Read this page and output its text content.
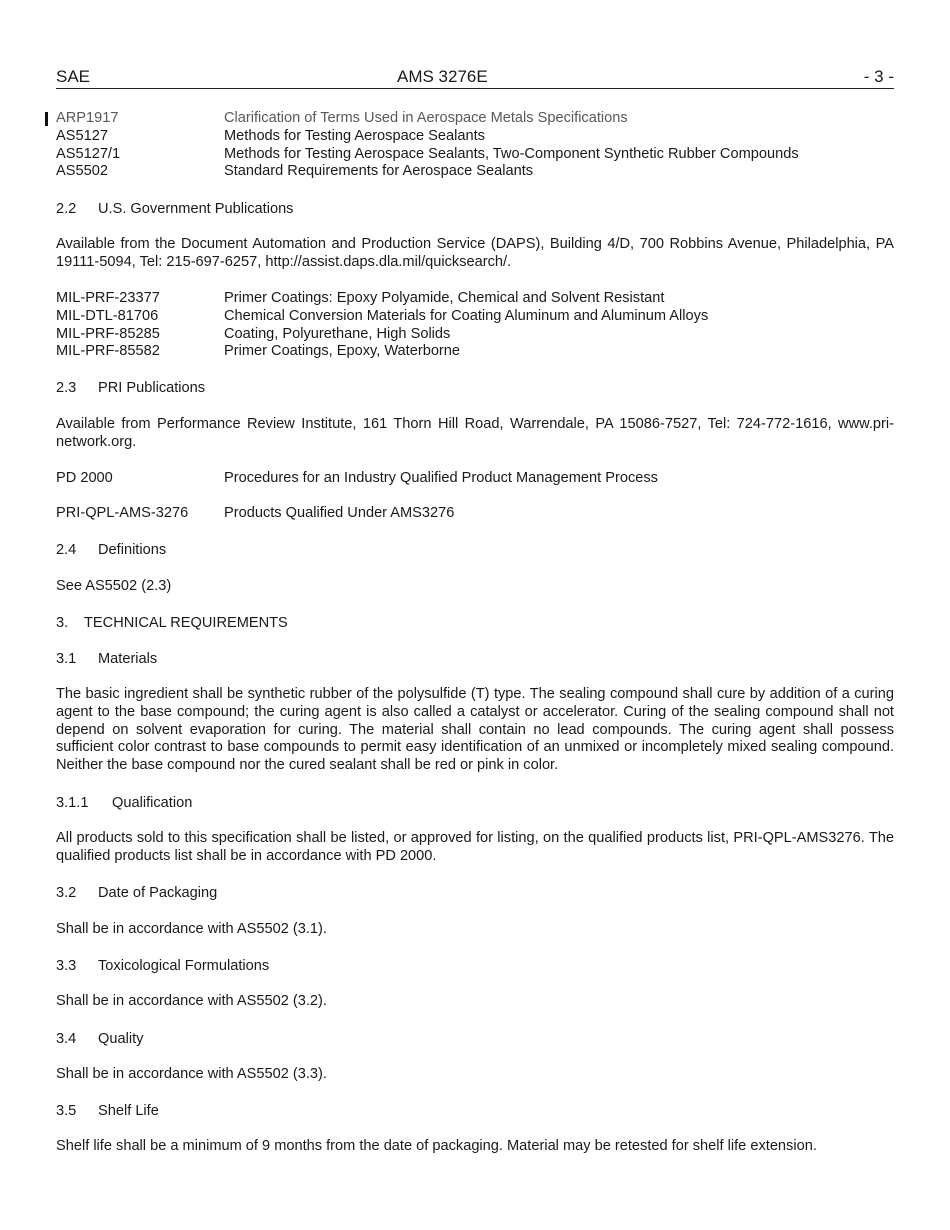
SAE	AMS 3276E	- 3 -
ARP1917	Clarification of Terms Used in Aerospace Metals Specifications
AS5127	Methods for Testing Aerospace Sealants
AS5127/1	Methods for Testing Aerospace Sealants, Two-Component Synthetic Rubber Compounds
AS5502	Standard Requirements for Aerospace Sealants
2.2 U.S. Government Publications
Available from the Document Automation and Production Service (DAPS), Building 4/D, 700 Robbins Avenue, Philadelphia, PA 19111-5094, Tel: 215-697-6257, http://assist.daps.dla.mil/quicksearch/.
MIL-PRF-23377	Primer Coatings: Epoxy Polyamide, Chemical and Solvent Resistant
MIL-DTL-81706	Chemical Conversion Materials for Coating Aluminum and Aluminum Alloys
MIL-PRF-85285	Coating, Polyurethane, High Solids
MIL-PRF-85582	Primer Coatings, Epoxy, Waterborne
2.3 PRI Publications
Available from Performance Review Institute, 161 Thorn Hill Road, Warrendale, PA 15086-7527, Tel: 724-772-1616, www.pri-network.org.
PD 2000	Procedures for an Industry Qualified Product Management Process
PRI-QPL-AMS-3276	Products Qualified Under AMS3276
2.4 Definitions
See AS5502 (2.3)
3. TECHNICAL REQUIREMENTS
3.1 Materials
The basic ingredient shall be synthetic rubber of the polysulfide (T) type. The sealing compound shall cure by addition of a curing agent to the base compound; the curing agent is also called a catalyst or accelerator. Curing of the sealing compound shall not depend on solvent evaporation for curing. The material shall contain no lead compounds. The curing agent shall possess sufficient color contrast to base compounds to permit easy identification of an unmixed or incompletely mixed sealing compound. Neither the base compound nor the cured sealant shall be red or pink in color.
3.1.1 Qualification
All products sold to this specification shall be listed, or approved for listing, on the qualified products list, PRI-QPL-AMS3276. The qualified products list shall be in accordance with PD 2000.
3.2 Date of Packaging
Shall be in accordance with AS5502 (3.1).
3.3 Toxicological Formulations
Shall be in accordance with AS5502 (3.2).
3.4 Quality
Shall be in accordance with AS5502 (3.3).
3.5 Shelf Life
Shelf life shall be a minimum of 9 months from the date of packaging. Material may be retested for shelf life extension.
